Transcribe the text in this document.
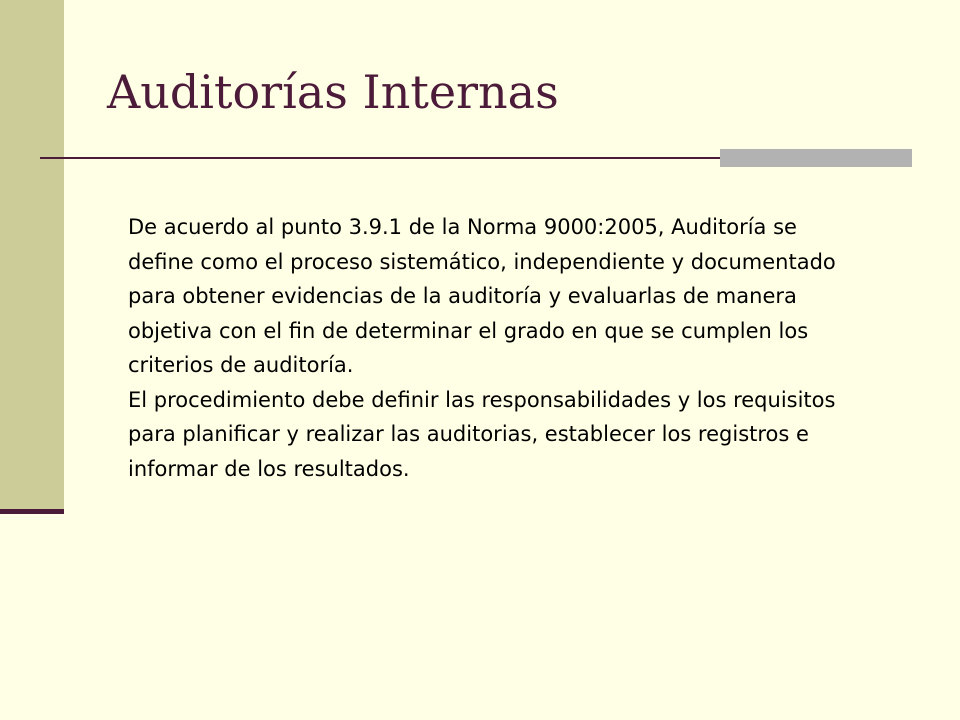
Auditorías Internas

De acuerdo al punto 3.9.1 de la Norma 9000:2005, Auditoría se define como el proceso sistemático, independiente y documentado para obtener evidencias de la auditoría y evaluarlas de manera objetiva con el fin de determinar el grado en que se cumplen los criterios de auditoría.

El procedimiento debe definir las responsabilidades y los requisitos para planificar y realizar las auditorias, establecer los registros e informar de los resultados.
